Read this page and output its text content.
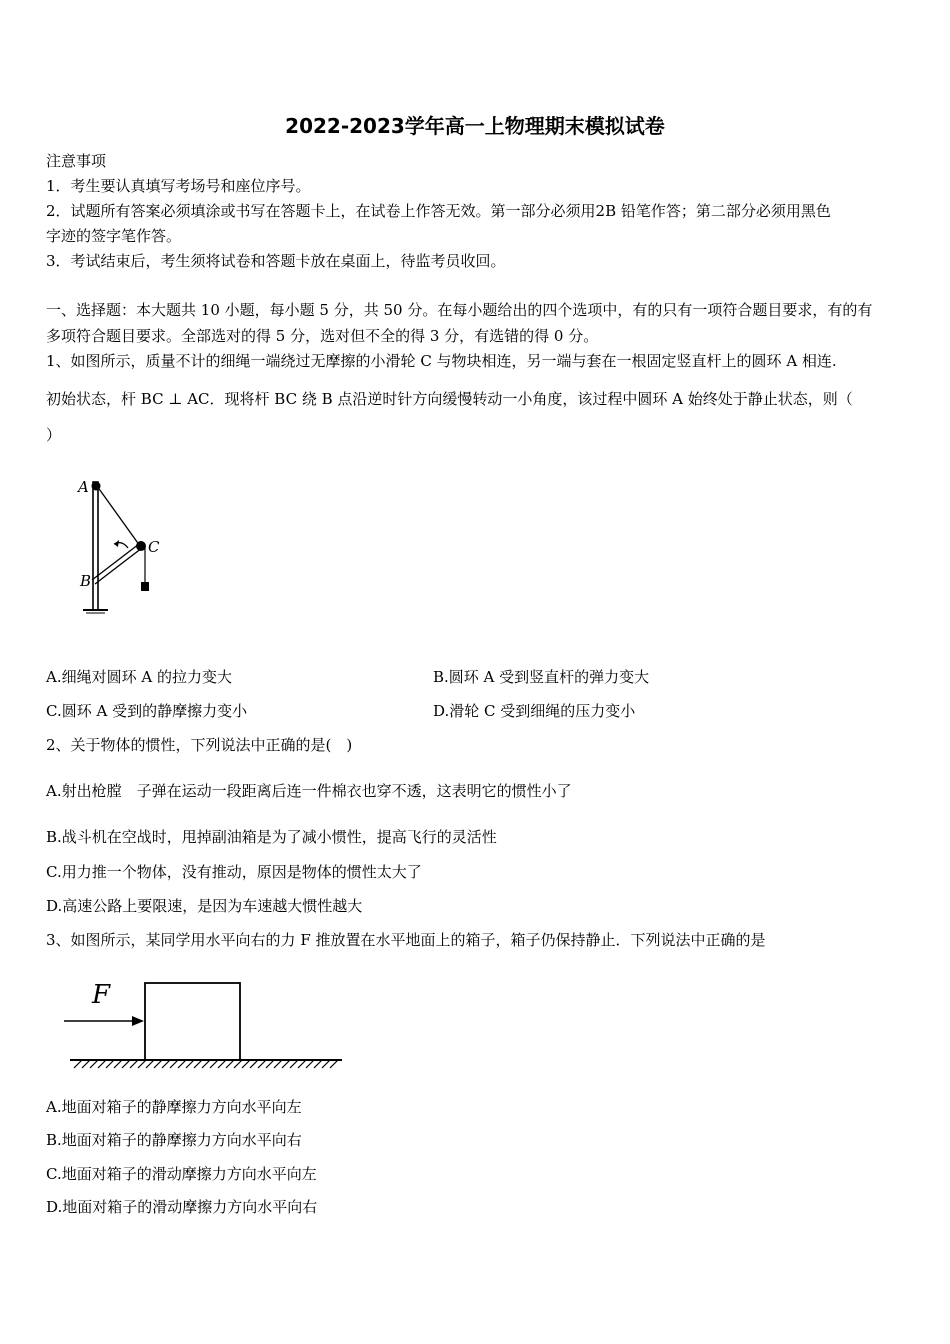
2022-2023学年高一上物理期末模拟试卷
注意事项
1．考生要认真填写考场号和座位序号。
2．试题所有答案必须填涂或书写在答题卡上，在试卷上作答无效。第一部分必须用2B 铅笔作答；第二部分必须用黑色
字迹的签字笔作答。
3．考试结束后，考生须将试卷和答题卡放在桌面上，待监考员收回。
一、选择题：本大题共 10 小题，每小题 5 分，共 50 分。在每小题给出的四个选项中，有的只有一项符合题目要求，有的有
多项符合题目要求。全部选对的得 5 分，选对但不全的得 3 分，有选错的得 0 分。
1、如图所示，质量不计的细绳一端绕过无摩擦的小滑轮 C 与物块相连，另一端与套在一根固定竖直杆上的圆环 A 相连.
初始状态，杆 BC ⊥ AC．现将杆 BC 绕 B 点沿逆时针方向缓慢转动一小角度，该过程中圆环 A 始终处于静止状态，则（
）
A
B
C
A.细绳对圆环 A 的拉力变大	B.圆环 A 受到竖直杆的弹力变大
C.圆环 A 受到的静摩擦力变小	D.滑轮 C 受到细绳的压力变小
2、关于物体的惯性，下列说法中正确的是(　)
A.射出枪膛　子弹在运动一段距离后连一件棉衣也穿不透，这表明它的惯性小了
B.战斗机在空战时，甩掉副油箱是为了减小惯性，提高飞行的灵活性
C.用力推一个物体，没有推动，原因是物体的惯性太大了
D.高速公路上要限速，是因为车速越大惯性越大
3、如图所示，某同学用水平向右的力 F 推放置在水平地面上的箱子，箱子仍保持静止．下列说法中正确的是
F
A.地面对箱子的静摩擦力方向水平向左
B.地面对箱子的静摩擦力方向水平向右
C.地面对箱子的滑动摩擦力方向水平向左
D.地面对箱子的滑动摩擦力方向水平向右
